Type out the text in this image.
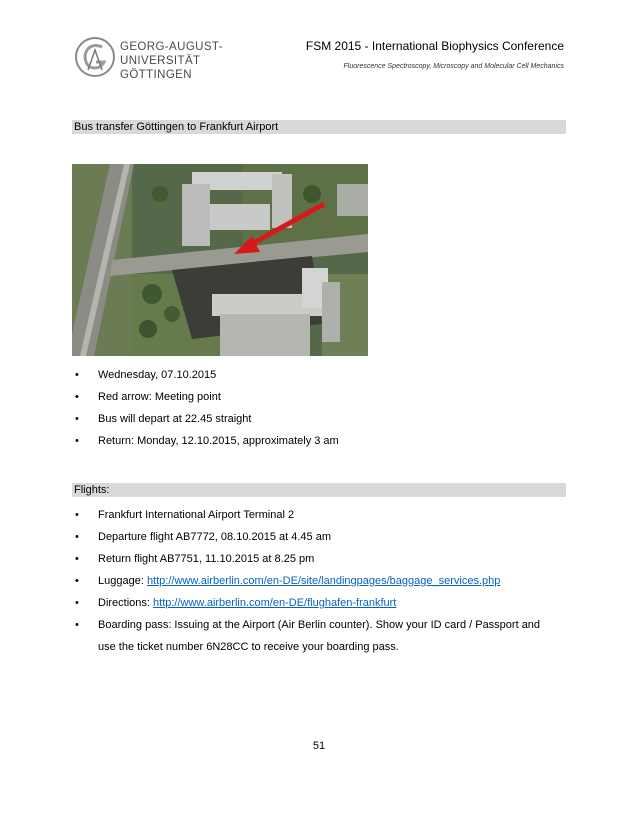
GEORG-AUGUST-UNIVERSITÄT
GÖTTINGEN
FSM 2015 - International Biophysics Conference
Fluorescence Spectroscopy, Microscopy and Molecular Cell Mechanics
Bus transfer Göttingen to Frankfurt Airport
• Wednesday, 07.10.2015
• Red arrow: Meeting point
• Bus will depart at 22.45 straight
• Return: Monday, 12.10.2015, approximately 3 am
Flights:
• Frankfurt International Airport Terminal 2
• Departure flight AB7772, 08.10.2015 at 4.45 am
• Return flight AB7751, 11.10.2015 at 8.25 pm
• Luggage: http://www.airberlin.com/en-DE/site/landingpages/baggage_services.php
• Directions: http://www.airberlin.com/en-DE/flughafen-frankfurt
• Boarding pass: Issuing at the Airport (Air Berlin counter). Show your ID card / Passport and
use the ticket number 6N28CC to receive your boarding pass.
51
